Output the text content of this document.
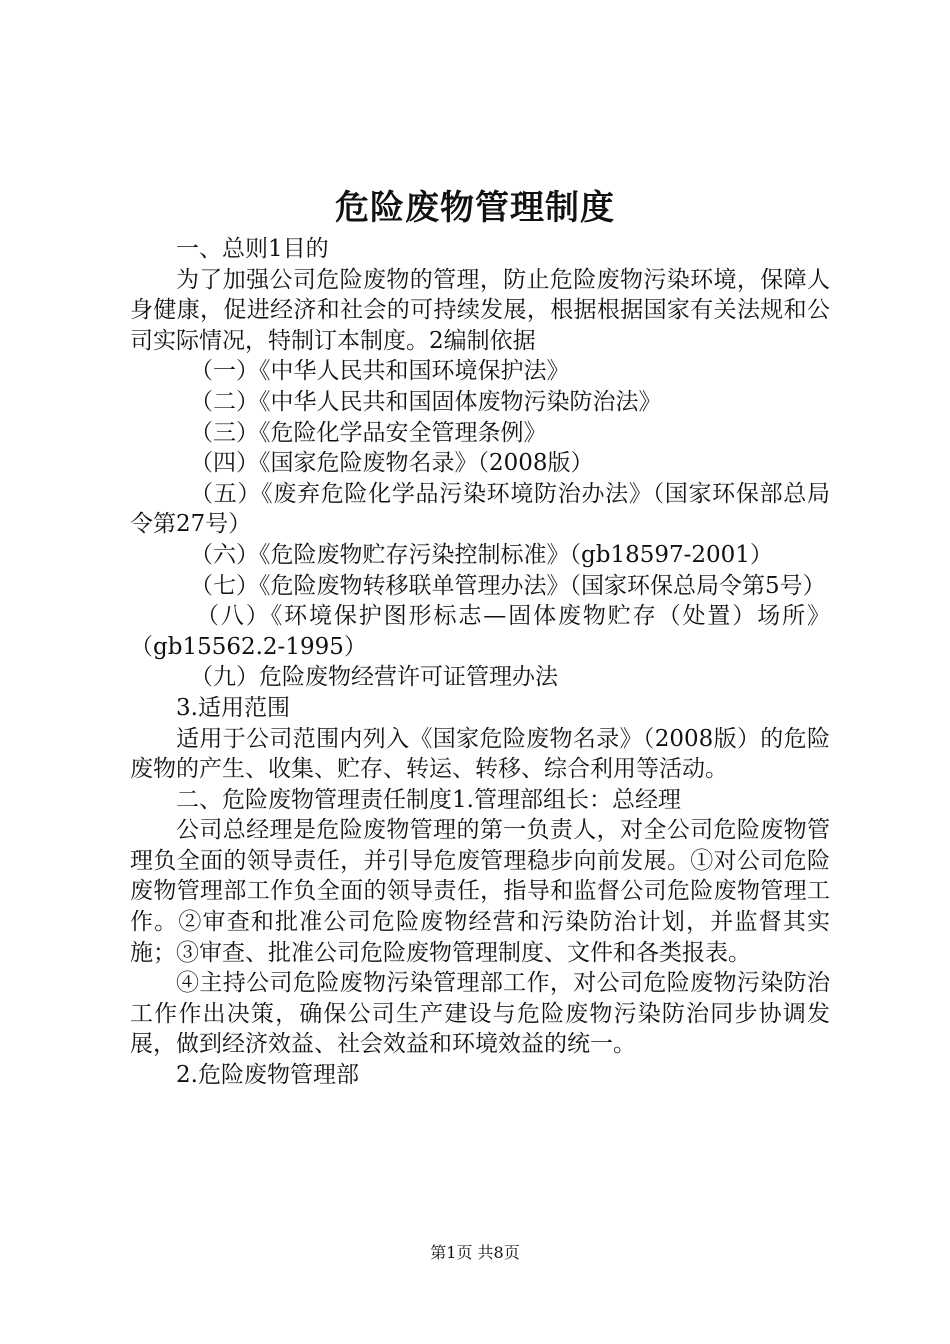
危险废物管理制度

一、总则1目的

为了加强公司危险废物的管理，防止危险废物污染环境，保障人身健康，促进经济和社会的可持续发展，根据根据国家有关法规和公司实际情况，特制订本制度。2编制依据

（一）《中华人民共和国环境保护法》

（二）《中华人民共和国固体废物污染防治法》

（三）《危险化学品安全管理条例》

（四）《国家危险废物名录》（2008版）

（五）《废弃危险化学品污染环境防治办法》（国家环保部总局令第27号）

（六）《危险废物贮存污染控制标准》（gb18597-2001）

（七）《危险废物转移联单管理办法》（国家环保总局令第5号）

（八）《环境保护图形标志—固体废物贮存（处置）场所》（gb15562.2-1995）

（九）危险废物经营许可证管理办法

3.适用范围

适用于公司范围内列入《国家危险废物名录》（2008版）的危险废物的产生、收集、贮存、转运、转移、综合利用等活动。

二、危险废物管理责任制度1.管理部组长：总经理

公司总经理是危险废物管理的第一负责人，对全公司危险废物管理负全面的领导责任，并引导危废管理稳步向前发展。①对公司危险废物管理部工作负全面的领导责任，指导和监督公司危险废物管理工作。②审查和批准公司危险废物经营和污染防治计划，并监督其实施；③审查、批准公司危险废物管理制度、文件和各类报表。

④主持公司危险废物污染管理部工作，对公司危险废物污染防治工作作出决策，确保公司生产建设与危险废物污染防治同步协调发展，做到经济效益、社会效益和环境效益的统一。

2.危险废物管理部

第1页 共8页
